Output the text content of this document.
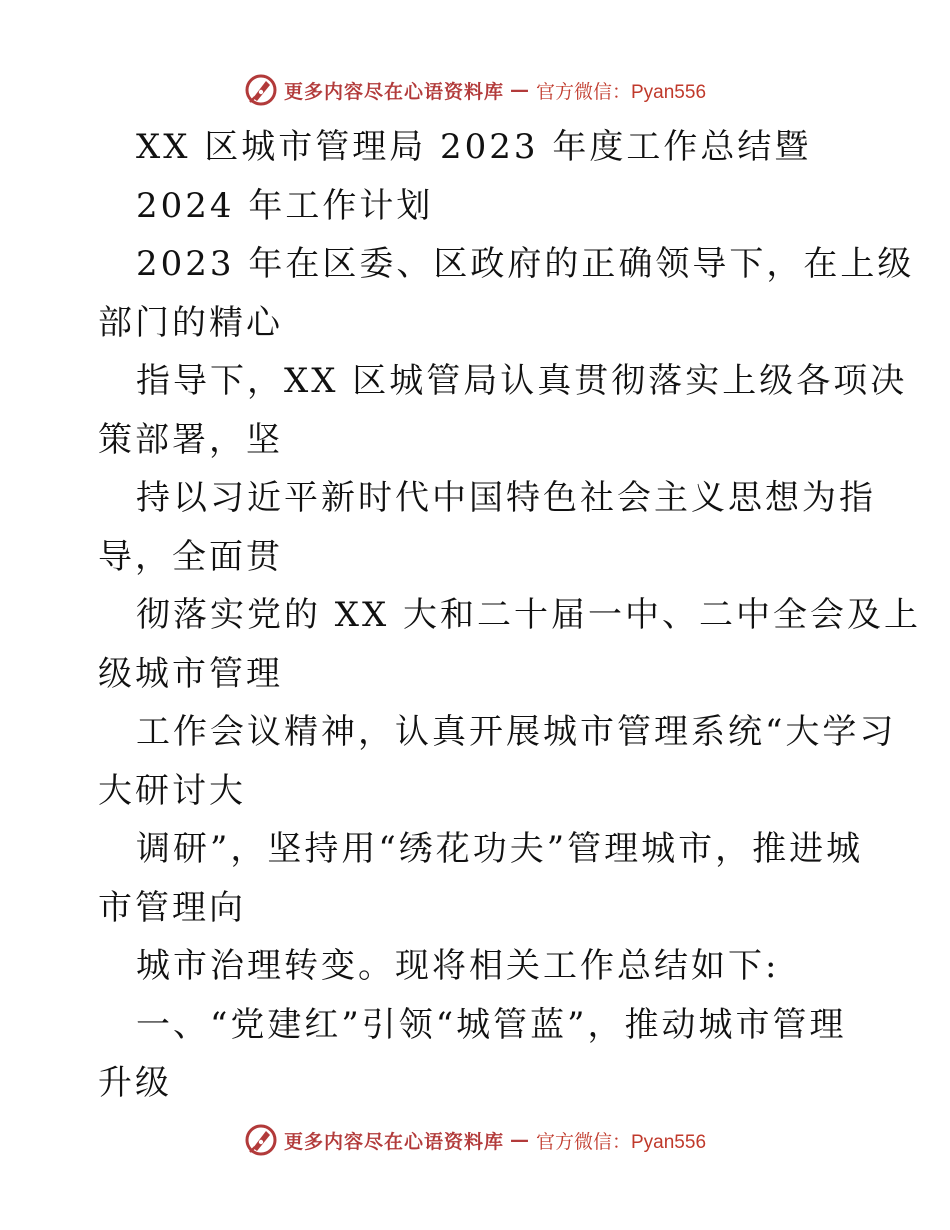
更多内容尽在心语资料库 — 官方微信：Pyan556
XX 区城市管理局 2023 年度工作总结暨
2024 年工作计划
2023 年在区委、区政府的正确领导下，在上级
部门的精心
指导下，XX 区城管局认真贯彻落实上级各项决
策部署，坚
持以习近平新时代中国特色社会主义思想为指
导，全面贯
彻落实党的 XX 大和二十届一中、二中全会及上
级城市管理
工作会议精神，认真开展城市管理系统“大学习
大研讨大
调研”，坚持用“绣花功夫”管理城市，推进城
市管理向
城市治理转变。现将相关工作总结如下:
一、“党建红”引领“城管蓝”，推动城市管理
升级
更多内容尽在心语资料库 — 官方微信：Pyan556
